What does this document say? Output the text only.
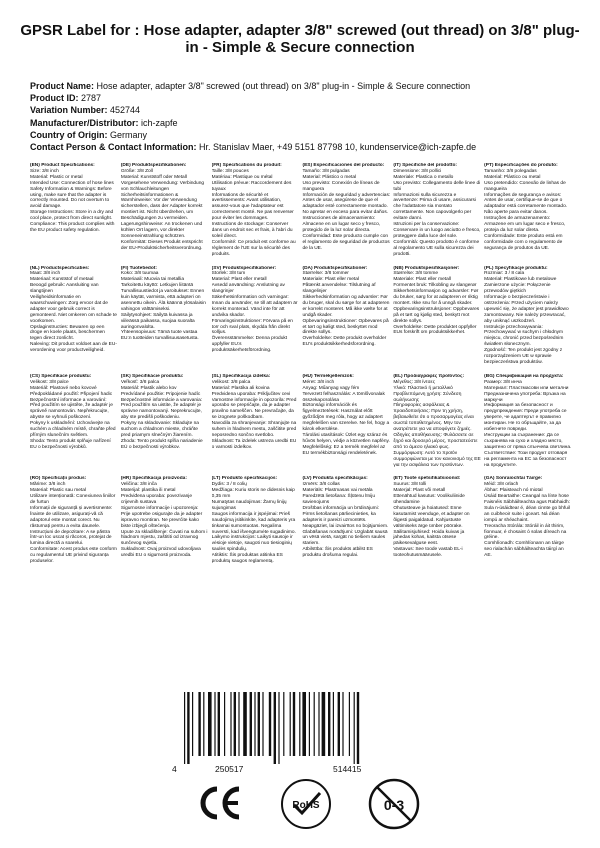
GPSR Label for : Hose adapter, adapter 3/8" screwed (out thread) on 3/8" plug-in - Simple & Secure connection
Product Name: Hose adapter, adapter 3/8" screwed (out thread) on 3/8" plug-in - Simple & Secure connection
Product ID: 2787
Variation Number: 452744
Manufacturer/Distributor: ich-zapfe
Country of Origin: Germany
Contact Person & Contact Information: Hr. Stanislav Maer, +49 5151 87798 10, kundenservice@ich-zapfe.de

(EN) Product Specifications:

Size: 3/8 inch

Material: Plastic or metal

Intended Use: Connection of hose lines

Safety Information & Warnings: Before using, make sure that the adapter is correctly mounted. Do not overturn to avoid damage.

Storage Instructions: Store in a dry and cool place, protect from direct sunlight.

Compliance: This product complies with the EU product safety regulation.

(DE) Produktspezifikationen:

Größe: 3/8 Zoll

Material: Kunststoff oder Metall

Vorgesehene Verwendung: Verbindung von Schlauchleitungen

Sicherheitsinformationen & Warnhinweise: Vor der Verwendung sicherstellen, dass der Adapter korrekt montiert ist. Nicht überdrehen, um Beschädigungen zu vermeiden.

Lagerungshinweise: An trockenen und kühlen Ort lagern, vor direkter Sonneneinstrahlung schützen.

Konformität: Dieses Produkt entspricht der EU-Produktsicherheitsverordnung.

(FR) Spécifications du produit:

Taille: 3/8 pouces

Matériau: Plastique ou métal

Utilisation prévue: Raccordement des tuyaux

Informations de sécurité et avertissements: Avant utilisation, assurez-vous que l'adaptateur est correctement monté. Ne pas renverser pour éviter les dommages.

Instructions de stockage: Conserver dans un endroit sec et frais, à l'abri du soleil direct.

Conformité: Ce produit est conforme au règlement de l'UE sur la sécurité des produits.

(ES) Especificaciones del producto:

Tamaño: 3/8 pulgadas

Material: Plástico o metal

Uso previsto: Conexión de líneas de manguera

Información de seguridad y advertencias: Antes de usar, asegúrese de que el adaptador esté correctamente montado. No apretar en exceso para evitar daños.

Instrucciones de almacenamiento: Almacene en un lugar seco y fresco, protegido de la luz solar directa.

Conformidad: Este producto cumple con el reglamento de seguridad de productos de la UE.

(IT) Specifiche del prodotto:

Dimensione: 3/8 pollici

Materiale: Plastica o metallo

Uso previsto: Collegamento delle linee di tubi

Informazioni sulla sicurezza e avvertenze: Prima di usare, assicurarsi che l'adattatore sia montato correttamente. Non capovolgerlo per evitare danni.

Istruzioni per la conservazione: Conservare in un luogo asciutto e fresco, proteggere dalla luce del sole.

Conformità: Questo prodotto è conforme al regolamento UE sulla sicurezza dei prodotti.

(PT) Especificações do produto:

Tamanho: 3/8 polegadas

Material: Plástico ou metal

Uso pretendido: Conexão de linhas de mangueira

Informações de segurança e avisos: Antes de usar, certifique-se de que o adaptador está corretamente montado. Não aperte para evitar danos.

Instruções de armazenamento: Armazene em um lugar seco e fresco, proteja da luz solar direta.

Conformidade: Este produto está em conformidade com o regulamento de segurança de produtos da UE.

(NL) Productspecificaties:

Maat: 3/8 inch

Materiaal: Kunststof of metaal

Beoogd gebruik: Aansluiting van slangtijnen

Veiligheidsinformatie en waarschuwingen: Zorg ervoor dat de adapter voor gebruik correct is gemonteerd. Niet omkeren om schade te voorkomen.

Opslaginstructies: Bewaren op een droge en koele plaats, beschermen tegen direct zonlicht.

Naleving: Dit product voldoet aan de EU-verordening voor productveiligheid.

(FI) Tuotetiedot:

Koko: 3/8 tuumaa

Materiaali: Muovia tai metallia

Tarkoitettu käyttö: Letkujen liitäntä

Turvallisuustiedot ja varoitukset: Ennen kuin käytät, varmista, että adapteri on asennettu oikein. Älä käännä ylösalaisin vahingon välttämiseksi.

Säilytysohjeet: Säilytä kuivassa ja viileässä paikassa, suojaa suoralta auringonvalolta.

Yhteensopivuus: Tämä tuote vastaa EU:n tuotteiden turvallisuusasetusta.

(SV) Produktspecifikationer:

Storlek: 3/8 tum

Material: Plast eller metall

Avsedd användning: Anslutning av slangrinjer

Säkerhetsinformation och varningar: Innan du använder, se till att adaptern är korrekt monterad. Vänd inte för att undvika skador.

Förvaringsinstruktioner: Förvara på en torr och sval plats, skydda från direkt solljus.

Överensstämmelse: Denna produkt uppfyller EU:s produktsäkerhetsförordning.

(DA) Produktspecifikationer:

Størrelse: 3/8 tommer

Materiale: Plast eller metal

Påtænkt anvendelse: Tilslutning af slangelinjer

Sikkerhedsinformation og advarsler: Før du bruger, skal du sørge for at adapteren er korrekt monteret. Må ikke vælte for at undgå skader.

Opbevaringsinstruktioner: Opbevares på et tørt og køligt sted, beskyttet mod direkte sollys.

Overholdelse: Dette produkt overholder EU's produktsikkerhedsforordning.

(NB) Produktspesifikasjoner:

Størrelse: 3/8 tomme

Materiale: Plast eller metall

Formentet bruk: Tilkobling av slangerør

Sikkerhetsinformasjon og advarsler: Før du bruker, sørg for at adapteren er riktig montert. Ikke snu for å unngå skader.

Oppbevaringsinstruksjoner: Oppbevares på et tørt og kjølig sted, beskytt mot direkte sollys.

Overholdelse: Dette produktet oppfyller EUs forskrift om produktsikkerhet.

(PL) Specyfikacje produktu:

Rozmiar: 3 / 8 cala

Materiał: Plastikowe lub metalowe

Zamierzone użycie: Połączenie przewodów giętkich

Informacje o bezpieczeństwie i ostrzeżenia: Przed użyciem należy upewnić się, że adapter jest prawidłowo zamontowany. Nie należy przewracać, aby uniknąć uszkodzeń.

Instrukcje przechowywania: Przechowywać w suchym i chłodnym miejscu, chronić przed bezpośrednim światłem słonecznym.

Zgodność: Ten produkt jest zgodny z rozporządzeniem UE w sprawie bezpieczeństwa produktów.

(CS) Specifikace produktu:

Velikost: 3/8 palce

Materiál: Plastové nebo kovové

Předpokládané použití: Připojení hadic

Bezpečnostní informace a varování: Před použitím se ujistěte, že adaptér je správně namontován. Nepřekrucujte, abyste se vyhnuli poškození.

Pokyny k uskladnění: Uchovávejte na suchém a chladném místě, chraňte před přímým slunečním světlem.

Shoda: Tento produkt splňuje nařízení EU o bezpečnosti výrobků.

(SK) Špecifikácie produktu:

Veľkosť: 3/8 palca

Materiál: Plastik alebo kov

Predvídané použitie: Pripojenie hadíc

Bezpečnostné informácie a varovania: Pred použitím sa uistite, že adaptér je správne namontovaný. Neprekrucujte, aby ste predišli poškodeniu.

Pokyny na skladovanie: Skladujte na suchom a chladnom mieste, chráňte pred priamym slnečným žiarením.

Zhoda: Tento produkt spĺňa nariadenie EÚ o bezpečnosti výrobkov.

(SL) Specifikacija izdelka:

Velikost: 3/8 palca

Material: Plastika ali kovina

Predvidena uporaba: Priključitev cevi

Varnostne informacije in opozorila: Pred uporabo se prepričajte, da je adapter pravilno nameščen. Ne prevračajte, da se izognete poškodbam.

Navodila za shranjevanje: Shranjujte na suhem in hladnem mestu, zaščitite pred neposredno sončno svetlobo.

Skladnost: Ta izdelek ustreza uredbi EU o varnosti izdelkov.

(HU) Termékjellemzők:

Méret: 3/8 inch

Anyag: Műanyag vagy fém

Tervezett felhasználás: A tömlővonalak összekapcsolása

Biztonsági információk és figyelmeztetések: Használat előtt győződjön meg róla, hogy az adaptert megfelelően van szerelve. Ne fel, hogy a károk elkerülése.

Tárolási utasítások: Üzlet egy száraz és hűvös helyen, védje a közvetlen napfény.

Megfelelőség: Ez a termék megfelel az EU termékbiztonsági rendeletének.

(EL) Προδιαγραφές προϊόντος:

Μέγεθος: 3/8 ίντσες

Υλικό: Πλαστικό ή μεταλλικό

Προβλεπόμενη χρήση: Σύνδεση σωλήνωσης

Πληροφορίες ασφάλειας & προειδοποιήσεις: Πριν τη χρήση, βεβαιωθείτε ότι ο προσαρμογέας είναι σωστά τοποθετημένος. Μην τον ανατρέπετε για να αποφύγετε ζημιές.

Οδηγίες αποθήκευσης: Φυλάσσετε σε ξηρό και δροσερό μέρος, προστατεύστε από το άμεσο ηλιακό φως.

Συμμόρφωση: Αυτό το προϊόν συμμορφώνεται με τον κανονισμό της ΕΕ για την ασφάλεια των προϊόντων.

(BG) Спецификация на продукта:

Размер: 3/8 инча

Материал: Пластмасови или метални

Предназначена употреба: Връзка на маркучи

Информация за безопасност и предупреждения: Преди употреба се уверете, че адаптерът е правилно монтиран. Не го обръщайте, за да избегнете повреди.

Инструкции за съхранение: Да се съхранява на сухо и хладно място, защитено от пряка слънчева светлина.

Съответствие: Този продукт отговаря на регламента на ЕС за безопасност на продуктите.

(RO) Specificații produs:

Mărime: 3/8 inch

Material: Plastic sau metal

Utilizare intenționată: Conexiunea liniilor de furtun

Informații de siguranță și avertismente: Înainte de utilizare, asigurați-vă că adaptorul este montat corect. Nu răsturnați pentru a evita daunele.

Instrucțiuni de depozitare: A se păstra într-un loc uscat și răcoros, protejat de lumina directă a soarelui.

Conformitate: Acest produs este conform cu regulamentul UE privind siguranța produselor.

(HR) Specifikacija proizvoda:

Veličina: 3/8 inča

Materijal: plastika ili metal

Predviđena uporaba: povezivanje crijevnih sustava

Sigurnosne informacije i upozorenja: Prije upotrebe osigurajte da je adapter ispravno montiran. Ne prevrćite kako biste izbjegli oštećenja.

Upute za skladištenje: Čuvati na suhom i hladnom mjestu, zaštititi od izravnog sunčevog svjetla.

Sukladnost: Ovaj proizvod udovoljava uredbi EU o sigurnosti proizvoda.

(LT) Produkto specifikacijos:

Dydis: 3 / 8 colių

Medžiaga: Kuriu storis ne didesnis kaip 0,35 mm

Numatytas naudojimas: Žarnų linijų sujungimas

Saugos informacija ir įspėjimai: Prieš naudojimą įsitikinkite, kad adapteris yra tinkamai sumontuotas. Negalima nuversti, kad išvengtumėte sugadinimo.

Laikymo instrukcijos: Laikyti sausoje ir vėsioje vietoje, saugoti nuo tiesioginių saulės spindulių.

Atitiktis: Šis produktas atitinka ES produktų saugos reglamentą.

(LV) Produkta specifikācijas:

Izmērs: 3/8 collas

Materiāls: Plastmasas vai metāla

Paredzētā lietošana: Šļūtenu līniju savienojums

Drošības informācija un brīdinājumi: Pirms lietošanas pārliecinieties, ka adapteris ir pareizi uzmontēts. Neapgāziet, lai izvairītos no bojājumiem.

Glabāšanas norādījumi: Uzglabāt sausā un vēsā vietā, sargāt no tiešiem saules stariem.

Atbilstība: Šis produkts atbilst ES produktu drošuma regulai.

(ET) Toote spetsifikatsioonid:

Suurus: 3/8 tolli

Materjal: Plast või metall

Ettenähtud kasutus: Voolikuliinide ühendamine

Ohutusteave ja hoiatused: Enne kasutamist veenduge, et adapter on õigesti paigaldatud. Kahjustuste vältimiseks ärge ümber pöörake.

Säilitamisjuhised: Hoida kuivas ja jahedas kohas, kaitsta otsese päikesevalguse eest.

Vastavus: See toode vastab EL-i tooteohutusmäärusele.

(GA) Sonraíochtaí Táirge:

Méid: 3/8 orlach

Ábhar: Plaisteach nó miotal

Úsáid Beartaithe: Ceangal na línte hose

Faisnéis Sábháilteachta agus Rabhaidh: Sula n-úsáidtear é, déan cinnte go bhfuil an cuibheoir suite i gceart. Ná déan iompú ar shéachaint.

Treoracha Stórála: Stóráil in áit thirim, fionnuar, é chosaint ó solas díreach na gréine.

Comhlíonadh: Comhlíonann an táirge seo rialachán sábháilteachta táirgí an AE.

4	250517	514415
RoHS	0-3
